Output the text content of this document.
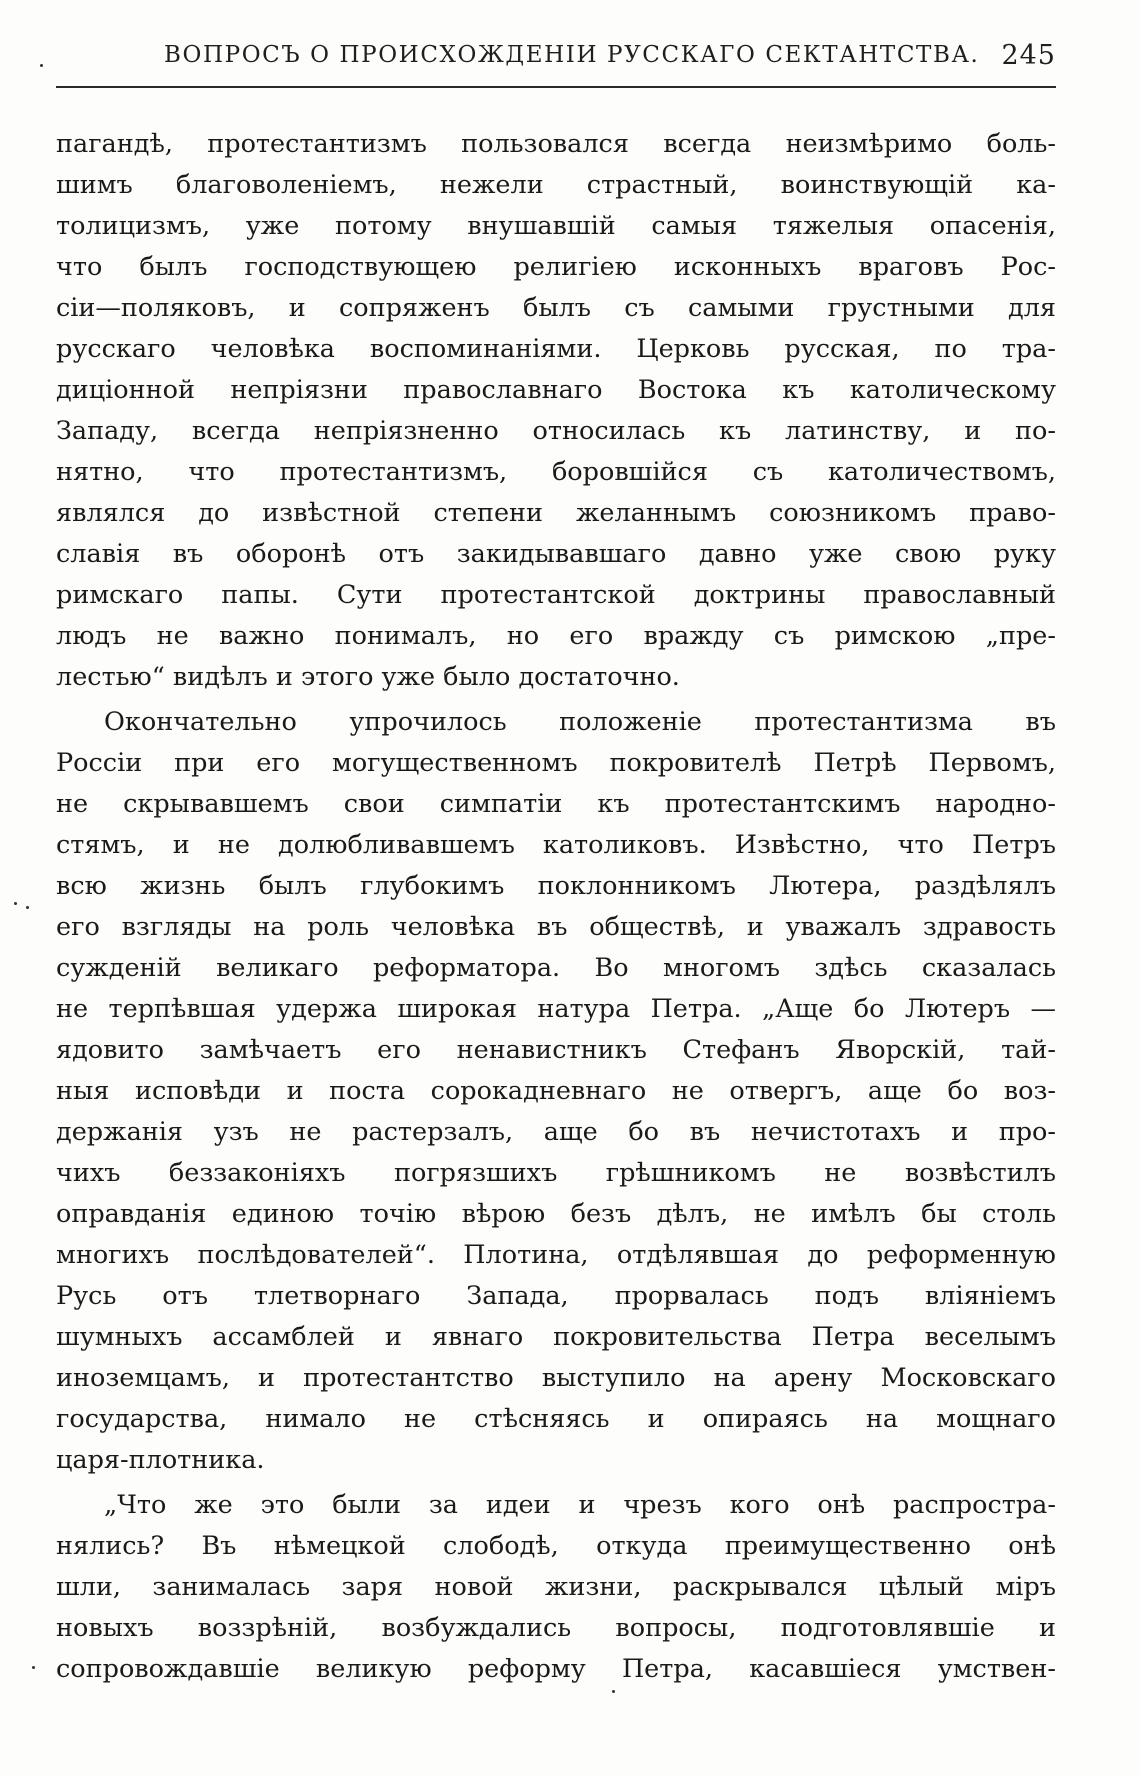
ВОПРОСЪ О ПРОИСХОЖДЕНІИ РУССКАГО СЕКТАНТСТВА. 245
пагандѣ, протестантизмъ пользовался всегда неизмѣримо боль-
шимъ благоволеніемъ, нежели страстный, воинствующій ка-
толицизмъ, уже потому внушавшій самыя тяжелыя опасенія,
что былъ господствующею религіею исконныхъ враговъ Рос-
сіи—поляковъ, и сопряженъ былъ съ самыми грустными для
русскаго человѣка воспоминаніями. Церковь русская, по тра-
диціонной непріязни православнаго Востока къ католическому
Западу, всегда непріязненно относилась къ латинству, и по-
нятно, что протестантизмъ, боровшійся съ католичествомъ,
являлся до извѣстной степени желаннымъ союзникомъ право-
славія въ оборонѣ отъ закидывавшаго давно уже свою руку
римскаго папы. Сути протестантской доктрины православный
людъ не важно понималъ, но его вражду съ римскою „пре-
лестью“ видѣлъ и этого уже было достаточно.
Окончательно упрочилось положеніе протестантизма въ
Россіи при его могущественномъ покровителѣ Петрѣ Первомъ,
не скрывавшемъ свои симпатіи къ протестантскимъ народно-
стямъ, и не долюбливавшемъ католиковъ. Извѣстно, что Петръ
всю жизнь былъ глубокимъ поклонникомъ Лютера, раздѣлялъ
его взгляды на роль человѣка въ обществѣ, и уважалъ здравость
сужденій великаго реформатора. Во многомъ здѣсь сказалась
не терпѣвшая удержа широкая натура Петра. „Аще бо Лютеръ —
ядовито замѣчаетъ его ненавистникъ Стефанъ Яворскій, тай-
ныя исповѣди и поста сорокадневнаго не отвергъ, аще бо воз-
держанія узъ не растерзалъ, аще бо въ нечистотахъ и про-
чихъ беззаконіяхъ погрязшихъ грѣшникомъ не возвѣстилъ
оправданія единою точію вѣрою безъ дѣлъ, не имѣлъ бы столь
многихъ послѣдователей“. Плотина, отдѣлявшая до реформенную
Русь отъ тлетворнаго Запада, прорвалась подъ вліяніемъ
шумныхъ ассамблей и явнаго покровительства Петра веселымъ
иноземцамъ, и протестантство выступило на арену Московскаго
государства, нимало не стѣсняясь и опираясь на мощнаго
царя-плотника.
„Что же это были за идеи и чрезъ кого онѣ распростра-
нялись? Въ нѣмецкой слободѣ, откуда преимущественно онѣ
шли, занималась заря новой жизни, раскрывался цѣлый міръ
новыхъ воззрѣній, возбуждались вопросы, подготовлявшіе и
сопровождавшіе великую реформу Петра, касавшіеся умствен-
